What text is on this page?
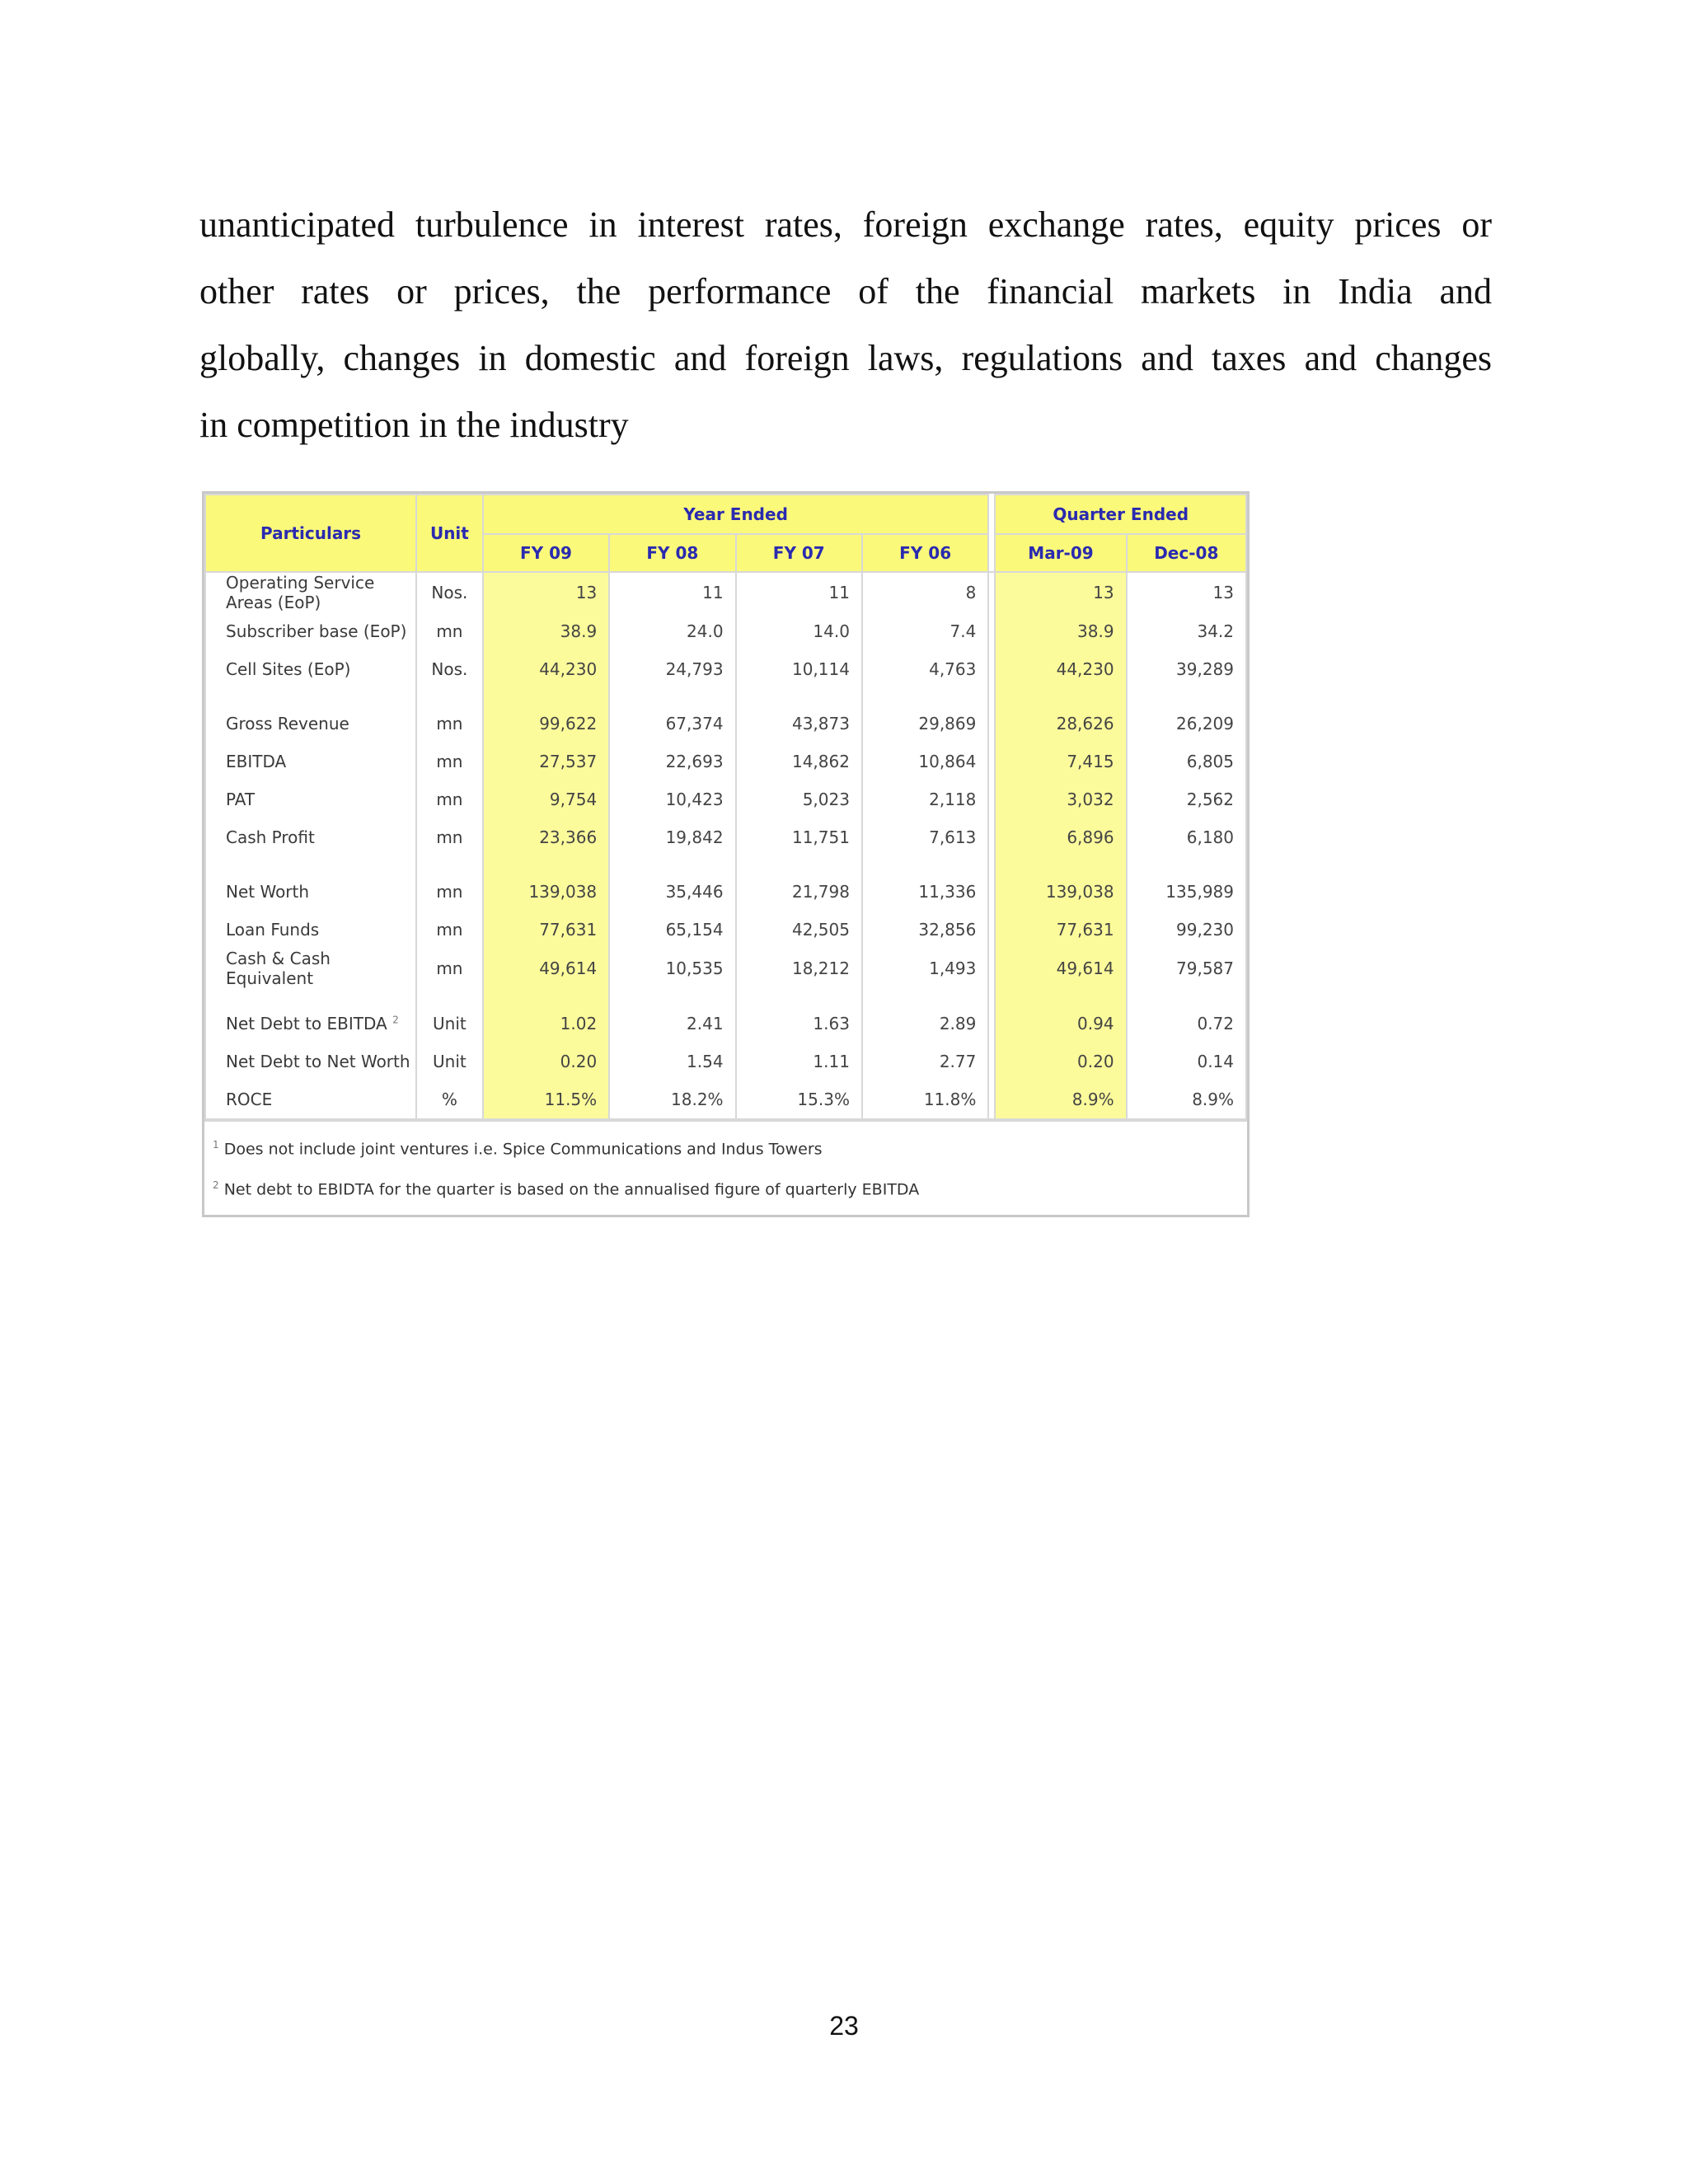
unanticipated turbulence in interest rates, foreign exchange rates, equity prices or
other rates or prices, the performance of the financial markets in India and
globally, changes in domestic and foreign laws, regulations and taxes and changes
in competition in the industry
Particulars	Unit	Year Ended					Quarter Ended	
		FY 09	FY 08	FY 07	FY 06		Mar-09	Dec-08
Operating Service Areas (EoP)	Nos.	13	11	11	8		13	13
Subscriber base (EoP)	mn	38.9	24.0	14.0	7.4		38.9	34.2
Cell Sites (EoP)	Nos.	44,230	24,793	10,114	4,763		44,230	39,289

Gross Revenue	mn	99,622	67,374	43,873	29,869		28,626	26,209
EBITDA	mn	27,537	22,693	14,862	10,864		7,415	6,805
PAT	mn	9,754	10,423	5,023	2,118		3,032	2,562
Cash Profit	mn	23,366	19,842	11,751	7,613		6,896	6,180

Net Worth	mn	139,038	35,446	21,798	11,336		139,038	135,989
Loan Funds	mn	77,631	65,154	42,505	32,856		77,631	99,230
Cash & Cash Equivalent	mn	49,614	10,535	18,212	1,493		49,614	79,587

Net Debt to EBITDA $^2$	Unit	1.02	2.41	1.63	2.89		0.94	0.72
Net Debt to Net Worth	Unit	0.20	1.54	1.11	2.77		0.20	0.14
ROCE	%	11.5%	18.2%	15.3%	11.8%		8.9%	8.9%
$^1$ Does not include joint ventures i.e. Spice Communications and Indus Towers
$^2$ Net debt to EBIDTA for the quarter is based on the annualised figure of quarterly EBITDA
23
